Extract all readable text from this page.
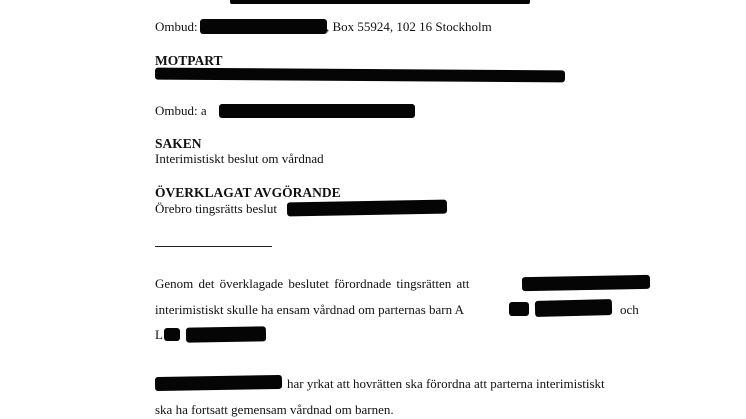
Ombud:	, Box 55924, 102 16 Stockholm
MOTPART
Ombud: a
SAKEN
Interimistiskt beslut om vårdnad
ÖVERKLAGAT AVGÖRANDE
Örebro tingsrätts beslut
Genom det överklagade beslutet förordnade tingsrätten att
interimistiskt skulle ha ensam vårdnad om parternas barn A	och
L
har yrkat att hovrätten ska förordna att parterna interimistiskt
ska ha fortsatt gemensam vårdnad om barnen.
